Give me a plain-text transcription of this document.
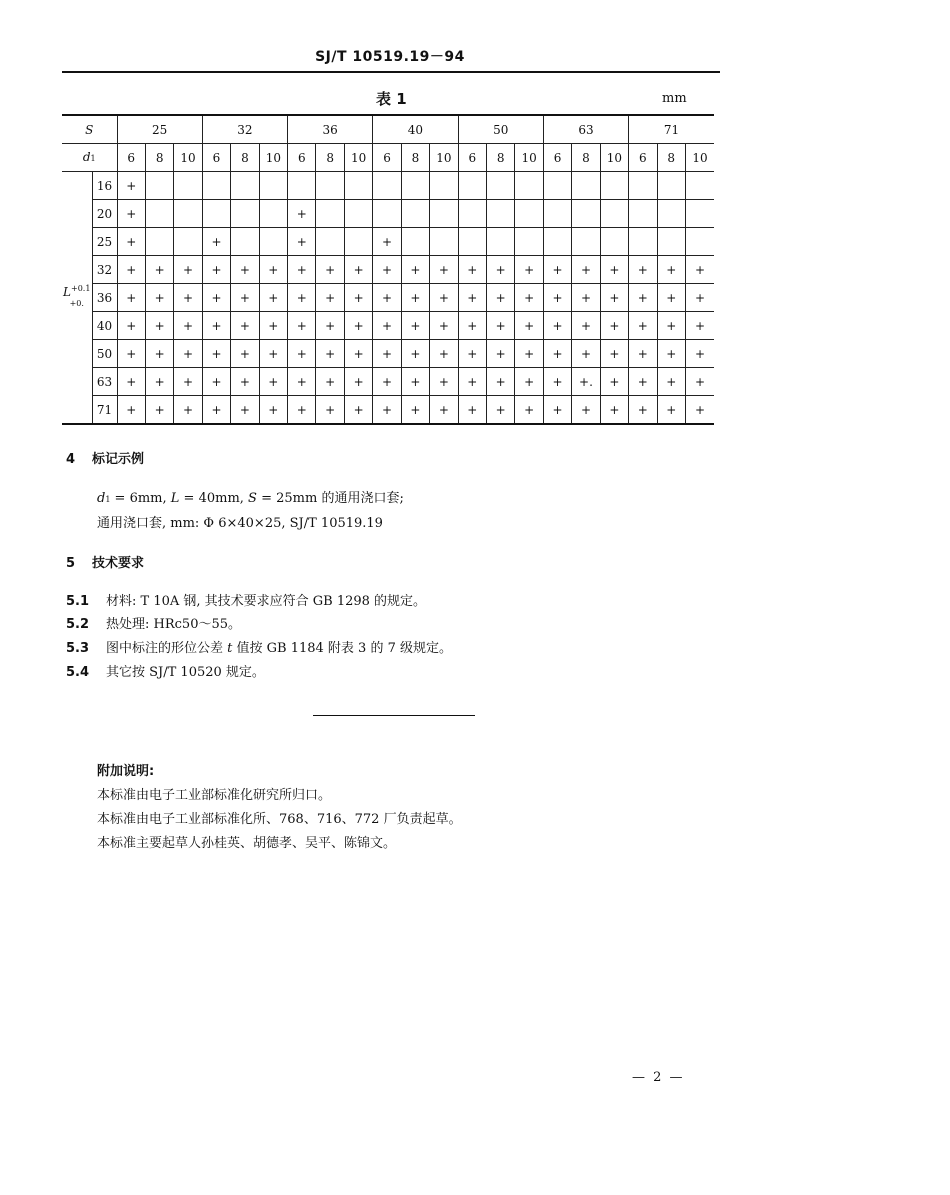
SJ/T 10519.19－94
表 1	mm
S		25			32			36			40			50			63			71		
d1		6	8	10	6	8	10	6	8	10	6	8	10	6	8	10	6	8	10	6	8	10
$L^{+0.1 +0.}$	16	+																				
	20	+						+														
	25	+			+			+			+											
	32	+	+	+	+	+	+	+	+	+	+	+	+	+	+	+	+	+	+	+	+	+
	36	+	+	+	+	+	+	+	+	+	+	+	+	+	+	+	+	+	+	+	+	+
	40	+	+	+	+	+	+	+	+	+	+	+	+	+	+	+	+	+	+	+	+	+
	50	+	+	+	+	+	+	+	+	+	+	+	+	+	+	+	+	+	+	+	+	+
	63	+	+	+	+	+	+	+	+	+	+	+	+	+	+	+	+	+.	+	+	+	+
	71	+	+	+	+	+	+	+	+	+	+	+	+	+	+	+	+	+	+	+	+	+
4 标记示例
d1 = 6mm, L = 40mm, S = 25mm 的通用浇口套;
通用浇口套, mm: Φ 6×40×25, SJ/T 10519.19
5 技术要求
5.1 材料: T 10A 钢, 其技术要求应符合 GB 1298 的规定。
5.2 热处理: HRc50～55。
5.3 图中标注的形位公差 t 值按 GB 1184 附表 3 的 7 级规定。
5.4 其它按 SJ/T 10520 规定。
附加说明:
本标准由电子工业部标准化研究所归口。
本标准由电子工业部标准化所、768、716、772 厂负责起草。
本标准主要起草人孙桂英、胡德孝、吴平、陈锦文。
— 2 —
